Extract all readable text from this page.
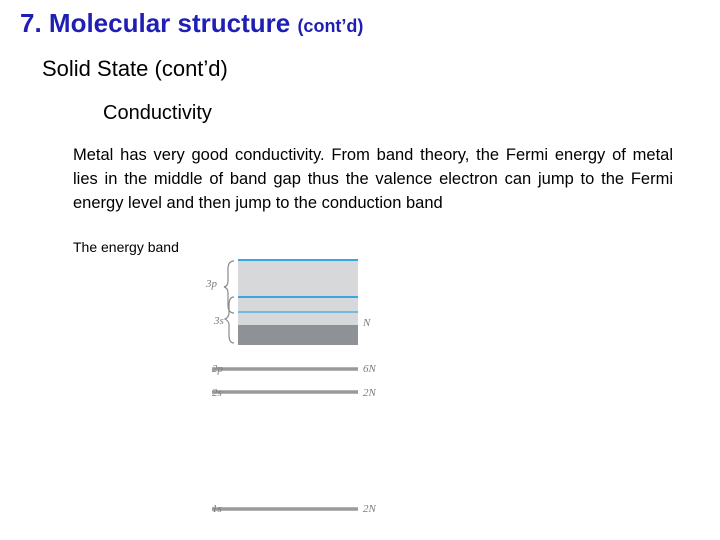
7. Molecular structure (cont’d)
Solid State (cont’d)
Conductivity

Metal has very good conductivity. From band theory, the Fermi energy of metal lies in the middle of band gap thus the valence electron can jump to the Fermi energy level and then jump to the conduction band

The energy band

3p
3s
2p
2s
1s
N
6N
2N
2N
